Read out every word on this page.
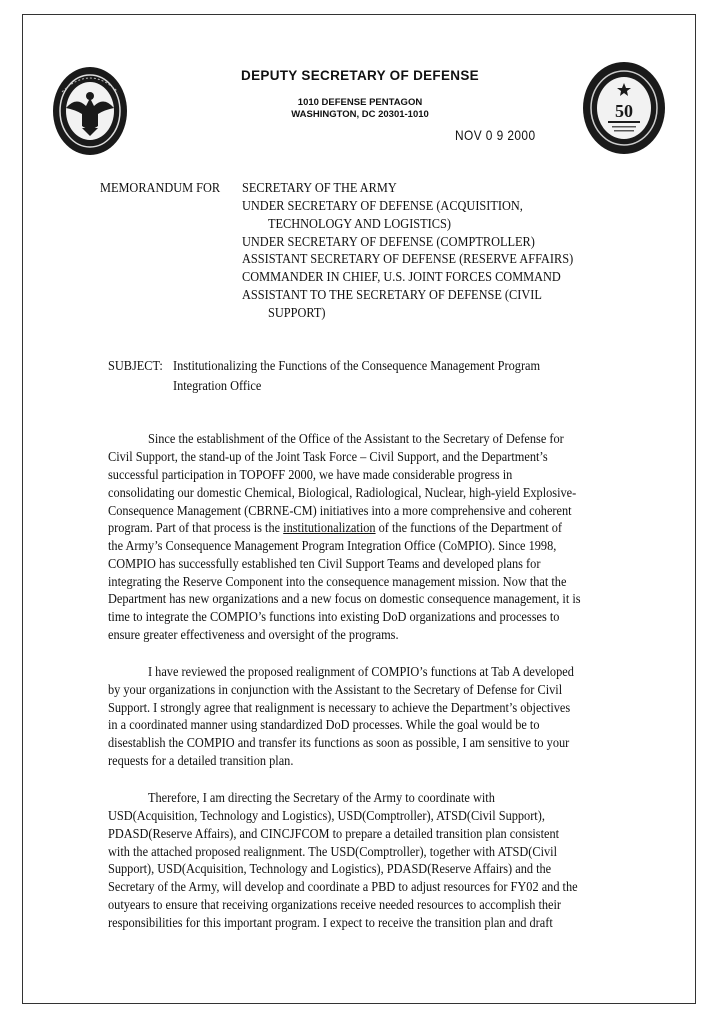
50
DEPUTY SECRETARY OF DEFENSE
1010 DEFENSE PENTAGON
WASHINGTON, DC 20301-1010
NOV 0 9 2000
MEMORANDUM FOR SECRETARY OF THE ARMY
UNDER SECRETARY OF DEFENSE (ACQUISITION,
TECHNOLOGY AND LOGISTICS)
UNDER SECRETARY OF DEFENSE (COMPTROLLER)
ASSISTANT SECRETARY OF DEFENSE (RESERVE AFFAIRS)
COMMANDER IN CHIEF, U.S. JOINT FORCES COMMAND
ASSISTANT TO THE SECRETARY OF DEFENSE (CIVIL
SUPPORT)
SUBJECT: Institutionalizing the Functions of the Consequence Management Program
Integration Office
Since the establishment of the Office of the Assistant to the Secretary of Defense for
Civil Support, the stand-up of the Joint Task Force – Civil Support, and the Department’s
successful participation in TOPOFF 2000, we have made considerable progress in
consolidating our domestic Chemical, Biological, Radiological, Nuclear, high-yield Explosive-
Consequence Management (CBRNE-CM) initiatives into a more comprehensive and coherent
program. Part of that process is the institutionalization of the functions of the Department of
the Army’s Consequence Management Program Integration Office (CoMPIO). Since 1998,
COMPIO has successfully established ten Civil Support Teams and developed plans for
integrating the Reserve Component into the consequence management mission. Now that the
Department has new organizations and a new focus on domestic consequence management, it is
time to integrate the COMPIO’s functions into existing DoD organizations and processes to
ensure greater effectiveness and oversight of the programs.
I have reviewed the proposed realignment of COMPIO’s functions at Tab A developed
by your organizations in conjunction with the Assistant to the Secretary of Defense for Civil
Support. I strongly agree that realignment is necessary to achieve the Department’s objectives
in a coordinated manner using standardized DoD processes. While the goal would be to
disestablish the COMPIO and transfer its functions as soon as possible, I am sensitive to your
requests for a detailed transition plan.
Therefore, I am directing the Secretary of the Army to coordinate with
USD(Acquisition, Technology and Logistics), USD(Comptroller), ATSD(Civil Support),
PDASD(Reserve Affairs), and CINCJFCOM to prepare a detailed transition plan consistent
with the attached proposed realignment. The USD(Comptroller), together with ATSD(Civil
Support), USD(Acquisition, Technology and Logistics), PDASD(Reserve Affairs) and the
Secretary of the Army, will develop and coordinate a PBD to adjust resources for FY02 and the
outyears to ensure that receiving organizations receive needed resources to accomplish their
responsibilities for this important program. I expect to receive the transition plan and draft
